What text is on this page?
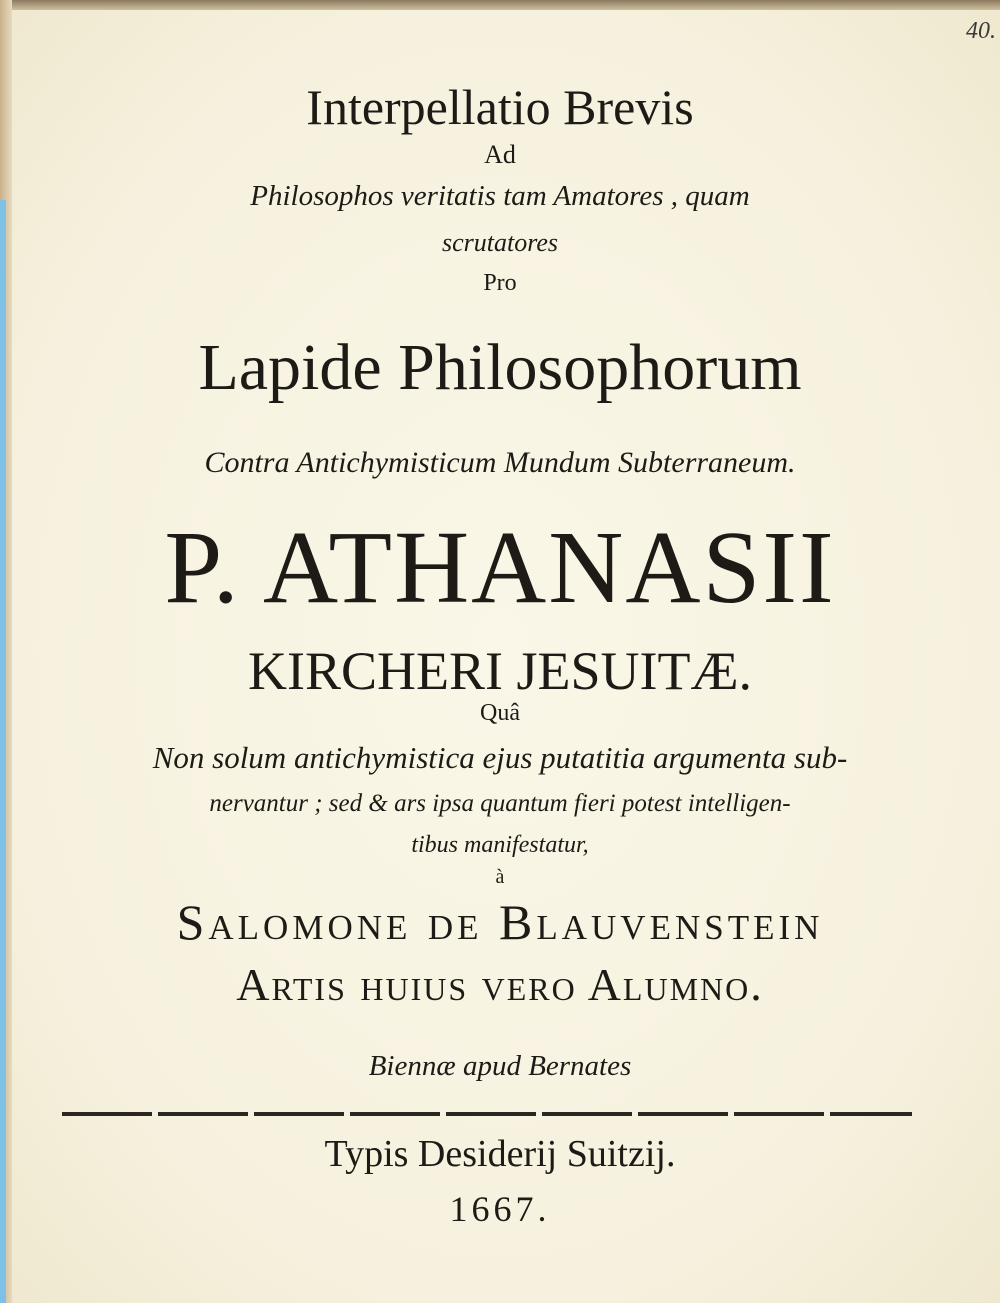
40.
Interpellatio Brevis
Ad
Philosophos veritatis tam Amatores , quam
scrutatores
Pro
Lapide Philosophorum
Contra Antichymisticum Mundum Subterraneum.
P. ATHANASII
KIRCHERI JESUITÆ.
Quâ
Non solum antichymistica ejus putatitia argumenta sub-
nervantur ; sed & ars ipsa quantum fieri potest intelligen-
tibus manifestatur,
à
Salomone de Blauvenstein
Artis huius vero Alumno.
Biennæ apud Bernates
Typis Desiderij Suitzij.
1667.
